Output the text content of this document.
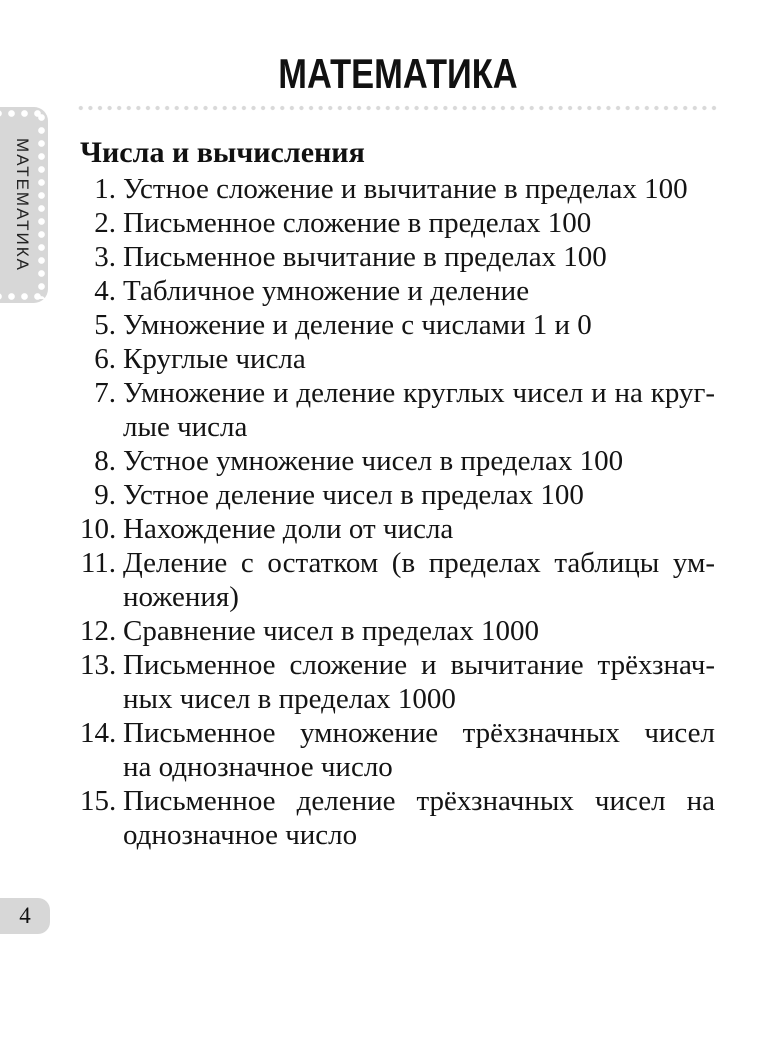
МАТЕМАТИКА
МАТЕМАТИКА
Числа и вычисления
1. Устное сложение и вычитание в пределах 100
2. Письменное сложение в пределах 100
3. Письменное вычитание в пределах 100
4. Табличное умножение и деление
5. Умножение и деление с числами 1 и 0
6. Круглые числа
7. Умножение и деление круглых чисел и на круг-
лые числа
8. Устное умножение чисел в пределах 100
9. Устное деление чисел в пределах 100
10. Нахождение доли от числа
11. Деление с остатком (в пределах таблицы ум-
ножения)
12. Сравнение чисел в пределах 1000
13. Письменное сложение и вычитание трёхзнач-
ных чисел в пределах 1000
14. Письменное умножение трёхзначных чисел
на однозначное число
15. Письменное деление трёхзначных чисел на
однозначное число
4
